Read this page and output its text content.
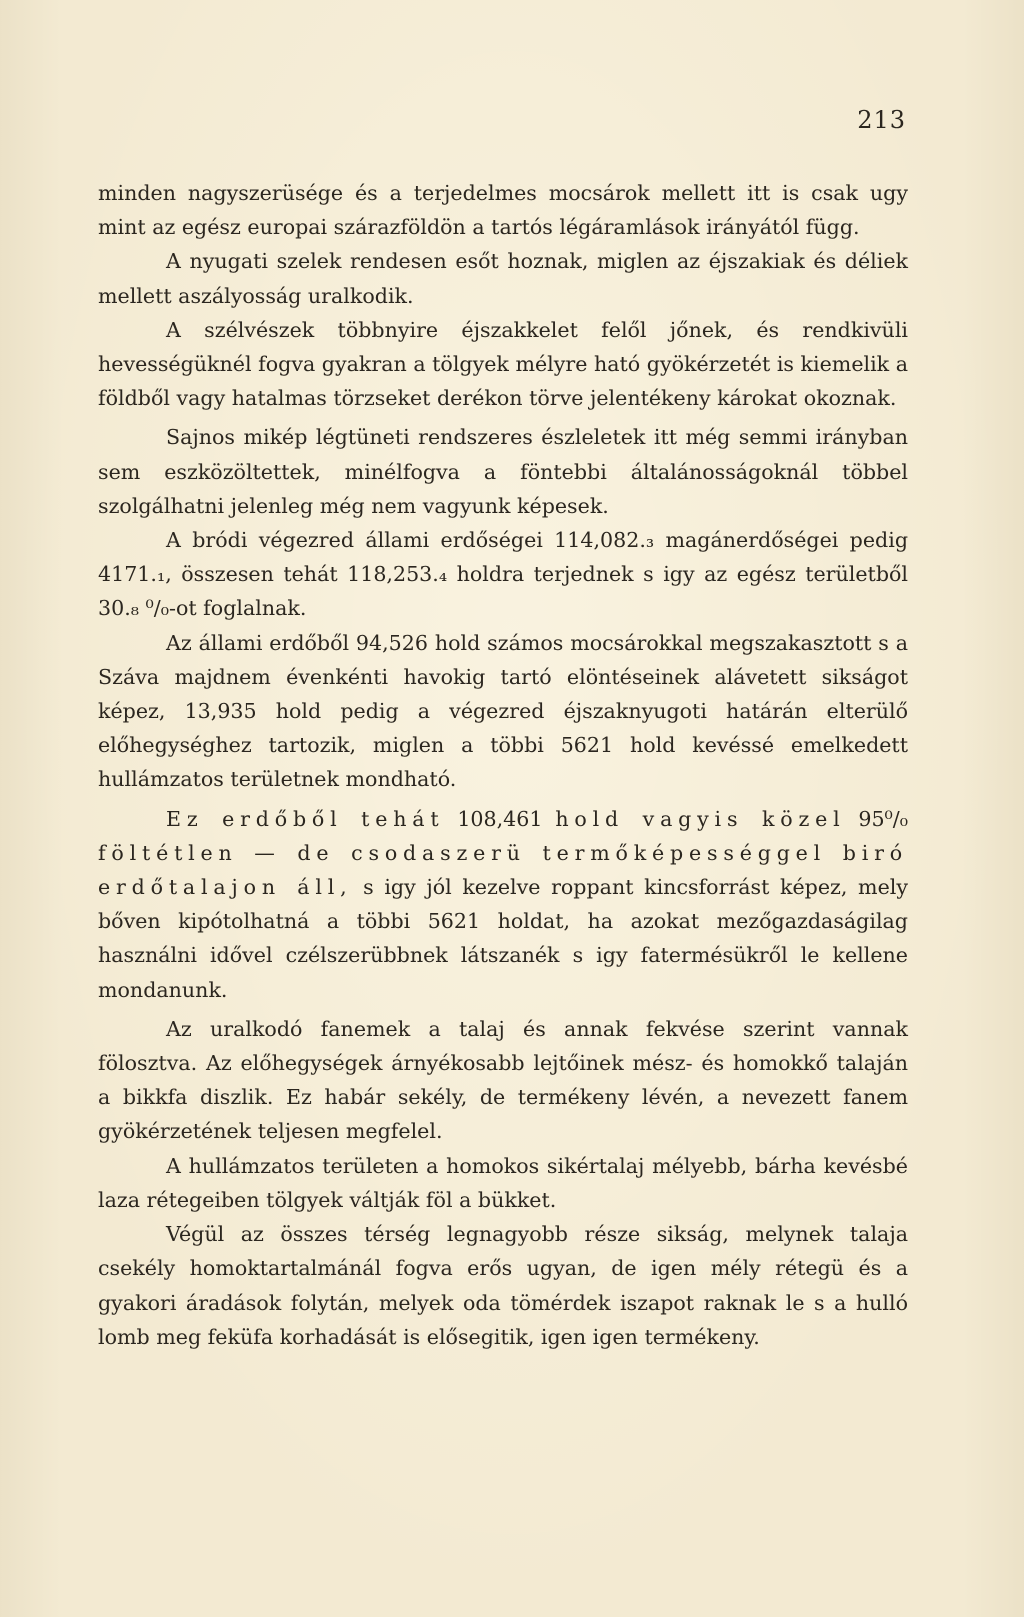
213

minden nagyszerüsége és a terjedelmes mocsárok mellett itt is csak ugy mint az egész europai szárazföldön a tartós légáramlások irányától függ.

A nyugati szelek rendesen esőt hoznak, miglen az éjszakiak és déliek mellett aszályosság uralkodik.

A szélvészek többnyire éjszakkelet felől jőnek, és rendkivüli hevességüknél fogva gyakran a tölgyek mélyre ható gyökérzetét is kiemelik a földből vagy hatalmas törzseket derékon törve jelentékeny károkat okoznak.

Sajnos mikép légtüneti rendszeres észleletek itt még semmi irányban sem eszközöltettek, minélfogva a föntebbi általánosságoknál többel szolgálhatni jelenleg még nem vagyunk képesek.

A bródi végezred állami erdőségei 114,082.₃ magánerdőségei pedig 4171.₁, összesen tehát 118,253.₄ holdra terjednek s igy az egész területből 30.₈ ⁰/₀-ot foglalnak.

Az állami erdőből 94,526 hold számos mocsárokkal megszakasztott s a Száva majdnem évenkénti havokig tartó elöntéseinek alávetett sikságot képez, 13,935 hold pedig a végezred éjszaknyugoti határán elterülő előhegységhez tartozik, miglen a többi 5621 hold kevéssé emelkedett hullámzatos területnek mondható.

Ez erdőből tehát 108,461 hold vagyis közel 95⁰/₀ föltétlen — de csodaszerü termőképességgel biró erdőtalajon áll, s igy jól kezelve roppant kincsforrást képez, mely bőven kipótolhatná a többi 5621 holdat, ha azokat mezőgazdaságilag használni idővel czélszerübbnek látszanék s igy fatermésükről le kellene mondanunk.

Az uralkodó fanemek a talaj és annak fekvése szerint vannak fölosztva. Az előhegységek árnyékosabb lejtőinek mész- és homokkő talaján a bikkfa diszlik. Ez habár sekély, de termékeny lévén, a nevezett fanem gyökérzetének teljesen megfelel.

A hullámzatos területen a homokos sikértalaj mélyebb, bárha kevésbé laza rétegeiben tölgyek váltják föl a bükket.

Végül az összes térség legnagyobb része sikság, melynek talaja csekély homoktartalmánál fogva erős ugyan, de igen mély rétegü és a gyakori áradások folytán, melyek oda tömérdek iszapot raknak le s a hulló lomb meg feküfa korhadását is elősegitik, igen igen termékeny.
